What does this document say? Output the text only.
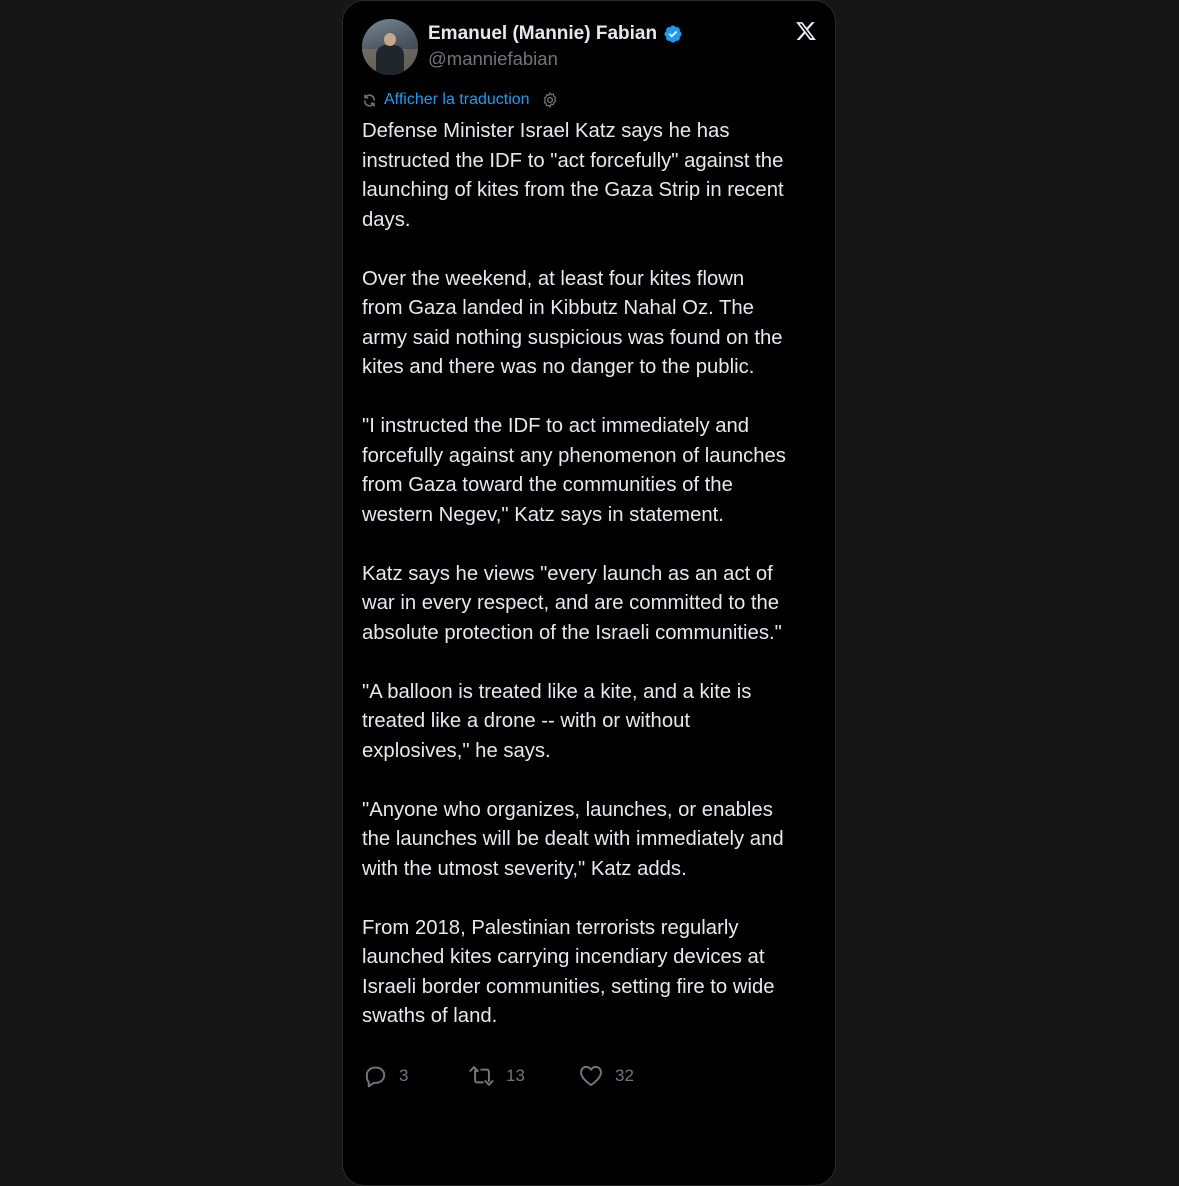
Emanuel (Mannie) Fabian
@manniefabian
Afficher la traduction

Defense Minister Israel Katz says he has
instructed the IDF to "act forcefully" against the
launching of kites from the Gaza Strip in recent
days.

Over the weekend, at least four kites flown
from Gaza landed in Kibbutz Nahal Oz. The
army said nothing suspicious was found on the
kites and there was no danger to the public.

"I instructed the IDF to act immediately and
forcefully against any phenomenon of launches
from Gaza toward the communities of the
western Negev," Katz says in statement.

Katz says he views "every launch as an act of
war in every respect, and are committed to the
absolute protection of the Israeli communities."

"A balloon is treated like a kite, and a kite is
treated like a drone -- with or without
explosives," he says.

"Anyone who organizes, launches, or enables
the launches will be dealt with immediately and
with the utmost severity," Katz adds.

From 2018, Palestinian terrorists regularly
launched kites carrying incendiary devices at
Israeli border communities, setting fire to wide
swaths of land.

3	13	32
